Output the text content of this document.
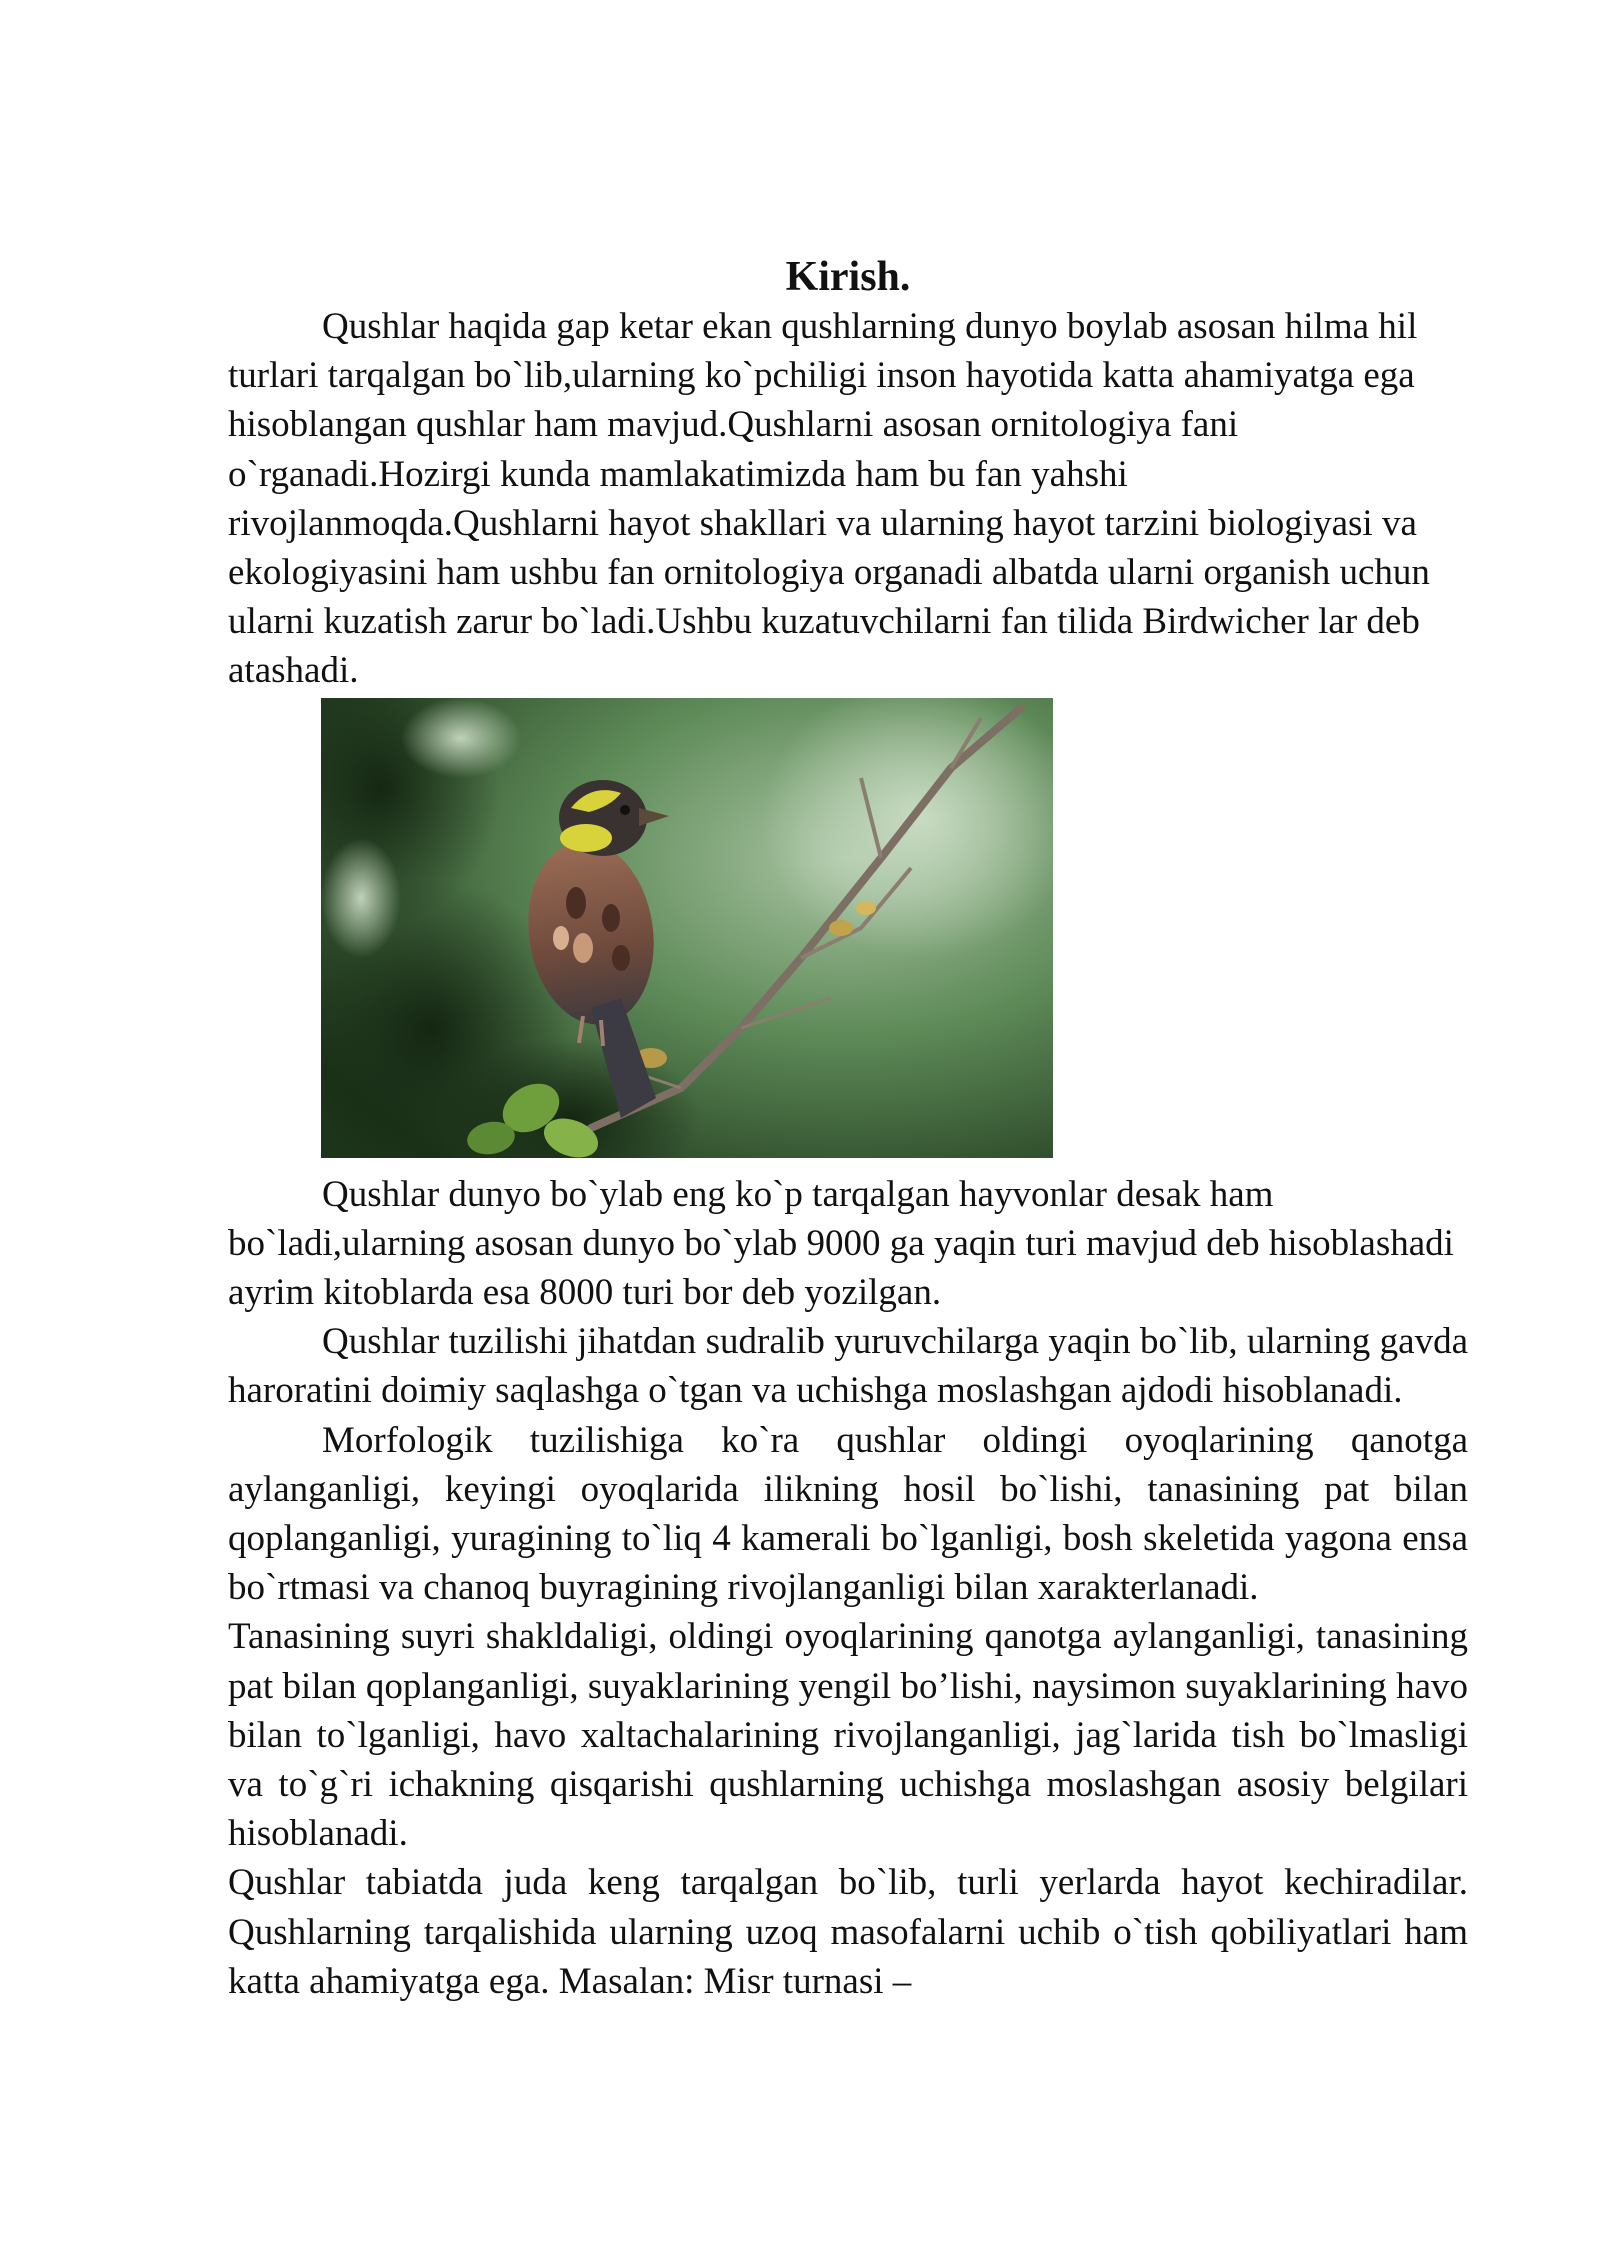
Kirish.

Qushlar haqida gap ketar ekan qushlarning dunyo boylab asosan hilma hil turlari tarqalgan bo`lib,ularning ko`pchiligi inson hayotida katta ahamiyatga ega hisoblangan qushlar ham mavjud.Qushlarni asosan ornitologiya fani o`rganadi.Hozirgi kunda mamlakatimizda ham bu fan yahshi rivojlanmoqda.Qushlarni hayot shakllari va ularning hayot tarzini biologiyasi va ekologiyasini ham ushbu fan ornitologiya organadi albatda ularni organish uchun ularni kuzatish zarur bo`ladi.Ushbu kuzatuvchilarni fan tilida Birdwicher lar deb atashadi.

Qushlar dunyo bo`ylab eng ko`p tarqalgan hayvonlar desak ham bo`ladi,ularning asosan dunyo bo`ylab 9000 ga yaqin turi mavjud deb hisoblashadi ayrim kitoblarda esa 8000 turi bor deb yozilgan.

Qushlar tuzilishi jihatdan sudralib yuruvchilarga yaqin bo`lib, ularning gavda haroratini doimiy saqlashga o`tgan va uchishga moslashgan ajdodi hisoblanadi.

Morfologik tuzilishiga ko`ra qushlar oldingi oyoqlarining qanotga aylanganligi, keyingi oyoqlarida ilikning hosil bo`lishi, tanasining pat bilan qoplanganligi, yuragining to`liq 4 kamerali bo`lganligi, bosh skeletida yagona ensa bo`rtmasi va chanoq buyragining rivojlanganligi bilan xarakterlanadi.

Tanasining suyri shakldaligi, oldingi oyoqlarining qanotga aylanganligi, tanasining pat bilan qoplanganligi, suyaklarining yengil bo’lishi, naysimon suyaklarining havo bilan to`lganligi, havo xaltachalarining rivojlanganligi, jag`larida tish bo`lmasligi va to`g`ri ichakning qisqarishi qushlarning uchishga moslashgan asosiy belgilari hisoblanadi.

Qushlar tabiatda juda keng tarqalgan bo`lib, turli yerlarda hayot kechiradilar. Qushlarning tarqalishida ularning uzoq masofalarni uchib o`tish qobiliyatlari ham katta ahamiyatga ega. Masalan: Misr turnasi –
